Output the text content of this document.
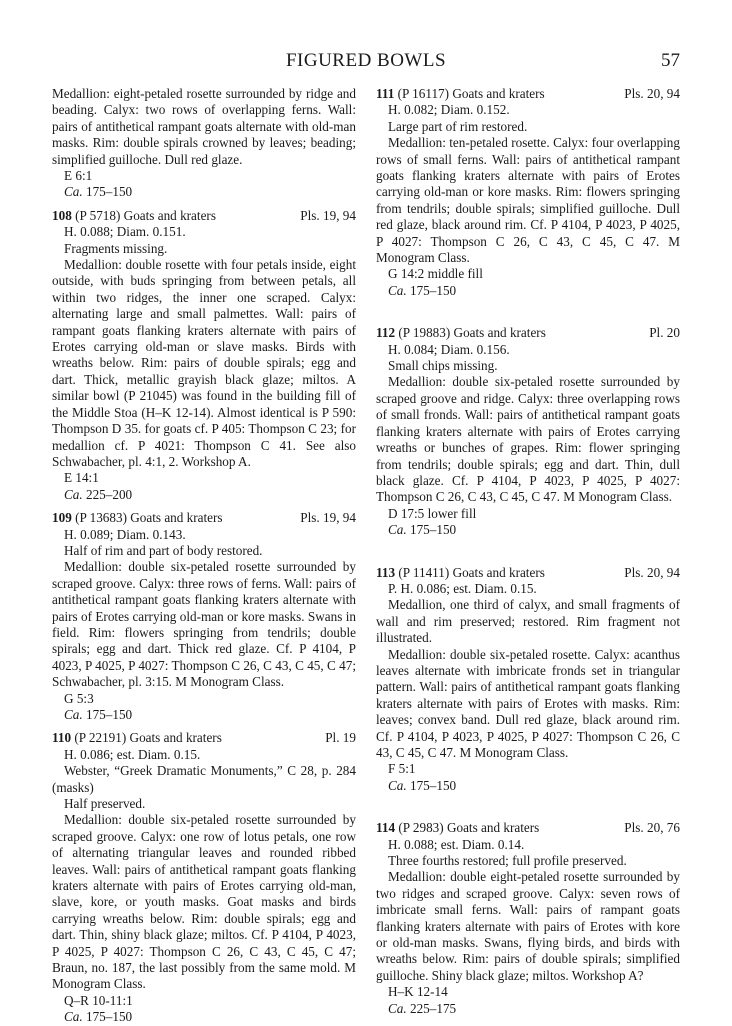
FIGURED BOWLS	57

Medallion: eight-petaled rosette surrounded by ridge and beading. Calyx: two rows of overlapping ferns. Wall: pairs of antithetical rampant goats alternate with old-man masks. Rim: double spirals crowned by leaves; beading; simplified guilloche. Dull red glaze.

E 6:1

Ca. 175–150

108 (P 5718) Goats and kraters	Pls. 19, 94

H. 0.088; Diam. 0.151.

Fragments missing.

Medallion: double rosette with four petals inside, eight outside, with buds springing from between petals, all within two ridges, the inner one scraped. Calyx: alternating large and small palmettes. Wall: pairs of rampant goats flanking kraters alternate with pairs of Erotes carrying old-man or slave masks. Birds with wreaths below. Rim: pairs of double spirals; egg and dart. Thick, metallic grayish black glaze; miltos. A similar bowl (P 21045) was found in the building fill of the Middle Stoa (H–K 12-14). Almost identical is P 590: Thompson D 35. for goats cf. P 405: Thompson C 23; for medallion cf. P 4021: Thompson C 41. See also Schwabacher, pl. 4:1, 2. Workshop A.

E 14:1

Ca. 225–200

109 (P 13683) Goats and kraters	Pls. 19, 94

H. 0.089; Diam. 0.143.

Half of rim and part of body restored.

Medallion: double six-petaled rosette surrounded by scraped groove. Calyx: three rows of ferns. Wall: pairs of antithetical rampant goats flanking kraters alternate with pairs of Erotes carrying old-man or kore masks. Swans in field. Rim: flowers springing from tendrils; double spirals; egg and dart. Thick red glaze. Cf. P 4104, P 4023, P 4025, P 4027: Thompson C 26, C 43, C 45, C 47; Schwabacher, pl. 3:15. M Monogram Class.

G 5:3

Ca. 175–150

110 (P 22191) Goats and kraters	Pl. 19

H. 0.086; est. Diam. 0.15.

Webster, “Greek Dramatic Monuments,” C 28, p. 284 (masks)

Half preserved.

Medallion: double six-petaled rosette surrounded by scraped groove. Calyx: one row of lotus petals, one row of alternating triangular leaves and rounded ribbed leaves. Wall: pairs of antithetical rampant goats flanking kraters alternate with pairs of Erotes carrying old-man, slave, kore, or youth masks. Goat masks and birds carrying wreaths below. Rim: double spirals; egg and dart. Thin, shiny black glaze; miltos. Cf. P 4104, P 4023, P 4025, P 4027: Thompson C 26, C 43, C 45, C 47; Braun, no. 187, the last possibly from the same mold. M Monogram Class.

Q–R 10-11:1

Ca. 175–150

111 (P 16117) Goats and kraters	Pls. 20, 94

H. 0.082; Diam. 0.152.

Large part of rim restored.

Medallion: ten-petaled rosette. Calyx: four overlapping rows of small ferns. Wall: pairs of antithetical rampant goats flanking kraters alternate with pairs of Erotes carrying old-man or kore masks. Rim: flowers springing from tendrils; double spirals; simplified guilloche. Dull red glaze, black around rim. Cf. P 4104, P 4023, P 4025, P 4027: Thompson C 26, C 43, C 45, C 47. M Monogram Class.

G 14:2 middle fill

Ca. 175–150

112 (P 19883) Goats and kraters	Pl. 20

H. 0.084; Diam. 0.156.

Small chips missing.

Medallion: double six-petaled rosette surrounded by scraped groove and ridge. Calyx: three overlapping rows of small fronds. Wall: pairs of antithetical rampant goats flanking kraters alternate with pairs of Erotes carrying wreaths or bunches of grapes. Rim: flower springing from tendrils; double spirals; egg and dart. Thin, dull black glaze. Cf. P 4104, P 4023, P 4025, P 4027: Thompson C 26, C 43, C 45, C 47. M Monogram Class.

D 17:5 lower fill

Ca. 175–150

113 (P 11411) Goats and kraters	Pls. 20, 94

P. H. 0.086; est. Diam. 0.15.

Medallion, one third of calyx, and small fragments of wall and rim preserved; restored. Rim fragment not illustrated.

Medallion: double six-petaled rosette. Calyx: acanthus leaves alternate with imbricate fronds set in triangular pattern. Wall: pairs of antithetical rampant goats flanking kraters alternate with pairs of Erotes with masks. Rim: leaves; convex band. Dull red glaze, black around rim. Cf. P 4104, P 4023, P 4025, P 4027: Thompson C 26, C 43, C 45, C 47. M Monogram Class.

F 5:1

Ca. 175–150

114 (P 2983) Goats and kraters	Pls. 20, 76

H. 0.088; est. Diam. 0.14.

Three fourths restored; full profile preserved.

Medallion: double eight-petaled rosette surrounded by two ridges and scraped groove. Calyx: seven rows of imbricate small ferns. Wall: pairs of rampant goats flanking kraters alternate with pairs of Erotes with kore or old-man masks. Swans, flying birds, and birds with wreaths below. Rim: pairs of double spirals; simplified guilloche. Shiny black glaze; miltos. Workshop A?

H–K 12-14

Ca. 225–175
